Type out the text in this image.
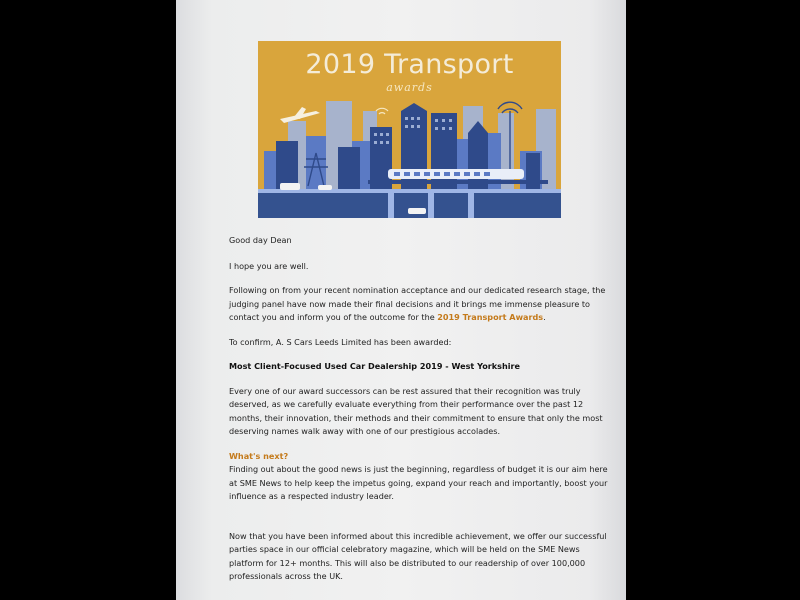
2019 Transport
awards

Good day Dean

I hope you are well.

Following on from your recent nomination acceptance and our dedicated research stage, the judging panel have now made their final decisions and it brings me immense pleasure to contact you and inform you of the outcome for the 2019 Transport Awards.

To confirm, A. S Cars Leeds Limited has been awarded:

Most Client-Focused Used Car Dealership 2019 - West Yorkshire

Every one of our award successors can be rest assured that their recognition was truly deserved, as we carefully evaluate everything from their performance over the past 12 months, their innovation, their methods and their commitment to ensure that only the most deserving names walk away with one of our prestigious accolades.

What's next?

Finding out about the good news is just the beginning, regardless of budget it is our aim here at SME News to help keep the impetus going, expand your reach and importantly, boost your influence as a respected industry leader.

Now that you have been informed about this incredible achievement, we offer our successful parties space in our official celebratory magazine, which will be held on the SME News platform for 12+ months. This will also be distributed to our readership of over 100,000 professionals across the UK.
